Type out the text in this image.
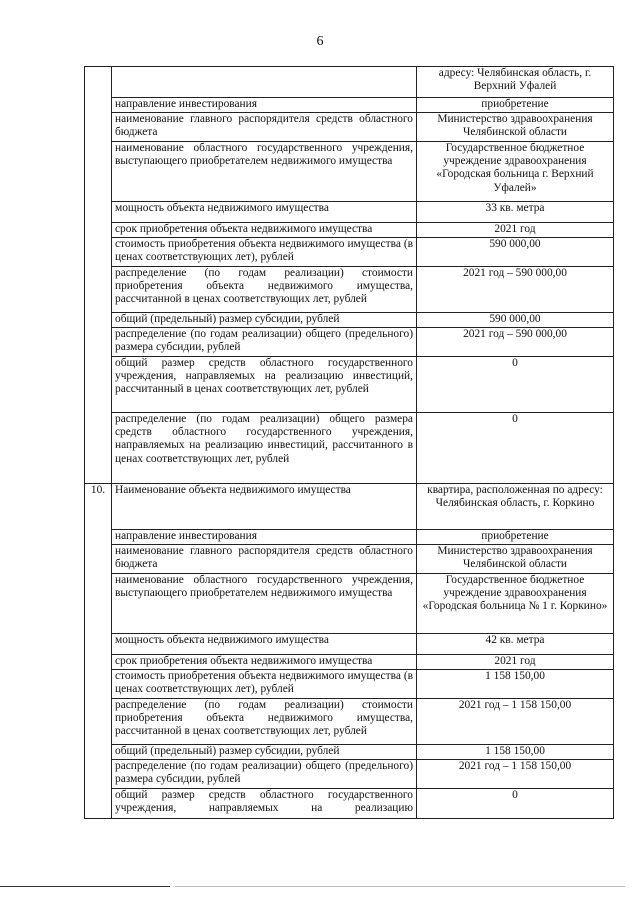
6
		адресу: Челябинская область, г. Верхний Уфалей
	направление инвестирования	приобретение
	наименование главного распорядителя средств областного бюджета	Министерство здравоохранения Челябинской области
	наименование областного государственного учреждения, выступающего приобретателем недвижимого имущества	Государственное бюджетное учреждение здравоохранения «Городская больница г. Верхний Уфалей»
	мощность объекта недвижимого имущества	33 кв. метра
	срок приобретения объекта недвижимого имущества	2021 год
	стоимость приобретения объекта недвижимого имущества (в ценах соответствующих лет), рублей	590 000,00
	распределение (по годам реализации) стоимости приобретения объекта недвижимого имущества, рассчитанной в ценах соответствующих лет, рублей	2021 год – 590 000,00
	общий (предельный) размер субсидии, рублей	590 000,00
	распределение (по годам реализации) общего (предельного) размера субсидии, рублей	2021 год – 590 000,00
	общий размер средств областного государственного учреждения, направляемых на реализацию инвестиций, рассчитанный в ценах соответствующих лет, рублей	0
	распределение (по годам реализации) общего размера средств областного государственного учреждения, направляемых на реализацию инвестиций, рассчитанного в ценах соответствующих лет, рублей	0
10.	Наименование объекта недвижимого имущества	квартира, расположенная по адресу: Челябинская область, г. Коркино
	направление инвестирования	приобретение
	наименование главного распорядителя средств областного бюджета	Министерство здравоохранения Челябинской области
	наименование областного государственного учреждения, выступающего приобретателем недвижимого имущества	Государственное бюджетное учреждение здравоохранения «Городская больница № 1 г. Коркино»
	мощность объекта недвижимого имущества	42 кв. метра
	срок приобретения объекта недвижимого имущества	2021 год
	стоимость приобретения объекта недвижимого имущества (в ценах соответствующих лет), рублей	1 158 150,00
	распределение (по годам реализации) стоимости приобретения объекта недвижимого имущества, рассчитанной в ценах соответствующих лет, рублей	2021 год – 1 158 150,00
	общий (предельный) размер субсидии, рублей	1 158 150,00
	распределение (по годам реализации) общего (предельного) размера субсидии, рублей	2021 год – 1 158 150,00
	общий размер средств областного государственного учреждения, направляемых на реализацию	0
